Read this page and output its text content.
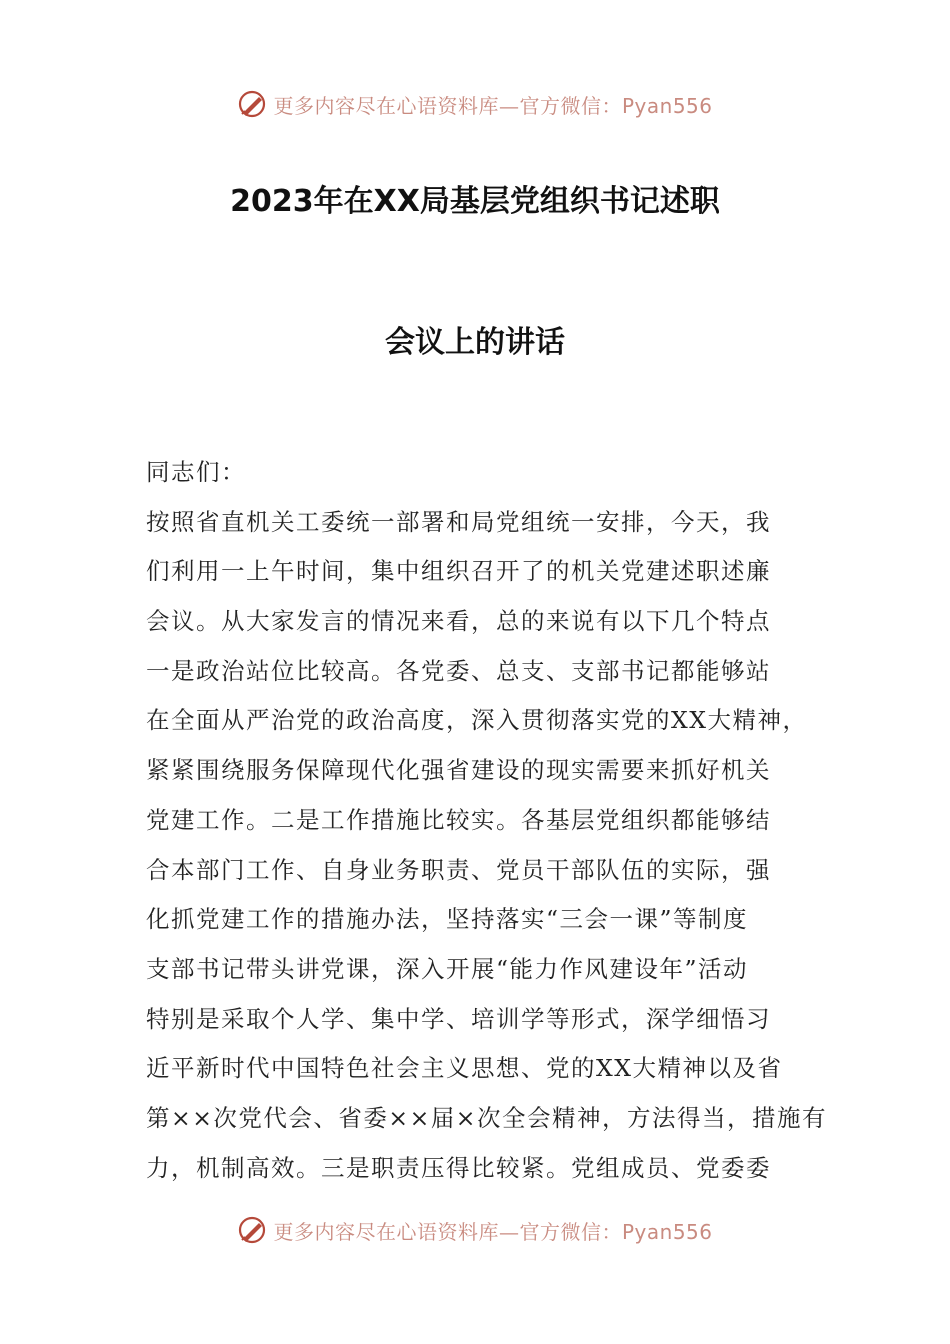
更多内容尽在心语资料库—官方微信：Pyan556
2023年在XX局基层党组织书记述职
会议上的讲话
同志们：
按照省直机关工委统一部署和局党组统一安排，今天，我
们利用一上午时间，集中组织召开了的机关党建述职述廉
会议。从大家发言的情况来看，总的来说有以下几个特点
一是政治站位比较高。各党委、总支、支部书记都能够站
在全面从严治党的政治高度，深入贯彻落实党的XX大精神，
紧紧围绕服务保障现代化强省建设的现实需要来抓好机关
党建工作。二是工作措施比较实。各基层党组织都能够结
合本部门工作、自身业务职责、党员干部队伍的实际，强
化抓党建工作的措施办法，坚持落实“三会一课”等制度
支部书记带头讲党课，深入开展“能力作风建设年”活动
特别是采取个人学、集中学、培训学等形式，深学细悟习
近平新时代中国特色社会主义思想、党的XX大精神以及省
第××次党代会、省委××届×次全会精神，方法得当，措施有
力，机制高效。三是职责压得比较紧。党组成员、党委委
更多内容尽在心语资料库—官方微信：Pyan556
